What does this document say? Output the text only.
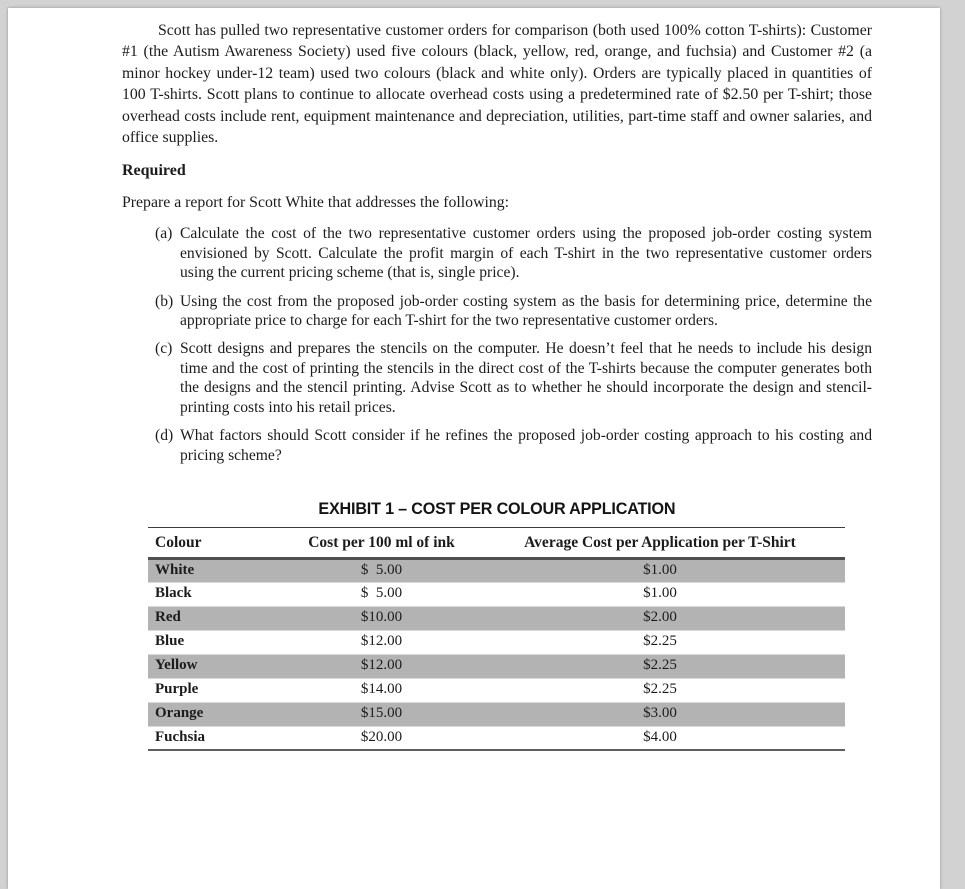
Scott has pulled two representative customer orders for comparison (both used 100% cotton T-shirts): Customer #1 (the Autism Awareness Society) used five colours (black, yellow, red, orange, and fuchsia) and Customer #2 (a minor hockey under-12 team) used two colours (black and white only). Orders are typically placed in quantities of 100 T-shirts. Scott plans to continue to allocate overhead costs using a predetermined rate of $2.50 per T-shirt; those overhead costs include rent, equipment maintenance and depreciation, utilities, part-time staff and owner salaries, and office supplies.

Required

Prepare a report for Scott White that addresses the following:

(a) Calculate the cost of the two representative customer orders using the proposed job-order costing system envisioned by Scott. Calculate the profit margin of each T-shirt in the two representative customer orders using the current pricing scheme (that is, single price).
(b) Using the cost from the proposed job-order costing system as the basis for determining price, determine the appropriate price to charge for each T-shirt for the two representative customer orders.
(c) Scott designs and prepares the stencils on the computer. He doesn’t feel that he needs to include his design time and the cost of printing the stencils in the direct cost of the T-shirts because the computer generates both the designs and the stencil printing. Advise Scott as to whether he should incorporate the design and stencil-printing costs into his retail prices.
(d) What factors should Scott consider if he refines the proposed job-order costing approach to his costing and pricing scheme?
EXHIBIT 1 – COST PER COLOUR APPLICATION
Colour	Cost per 100 ml of ink	Average Cost per Application per T-Shirt
White	$  5.00	$1.00
Black	$  5.00	$1.00
Red	$10.00	$2.00
Blue	$12.00	$2.25
Yellow	$12.00	$2.25
Purple	$14.00	$2.25
Orange	$15.00	$3.00
Fuchsia	$20.00	$4.00
